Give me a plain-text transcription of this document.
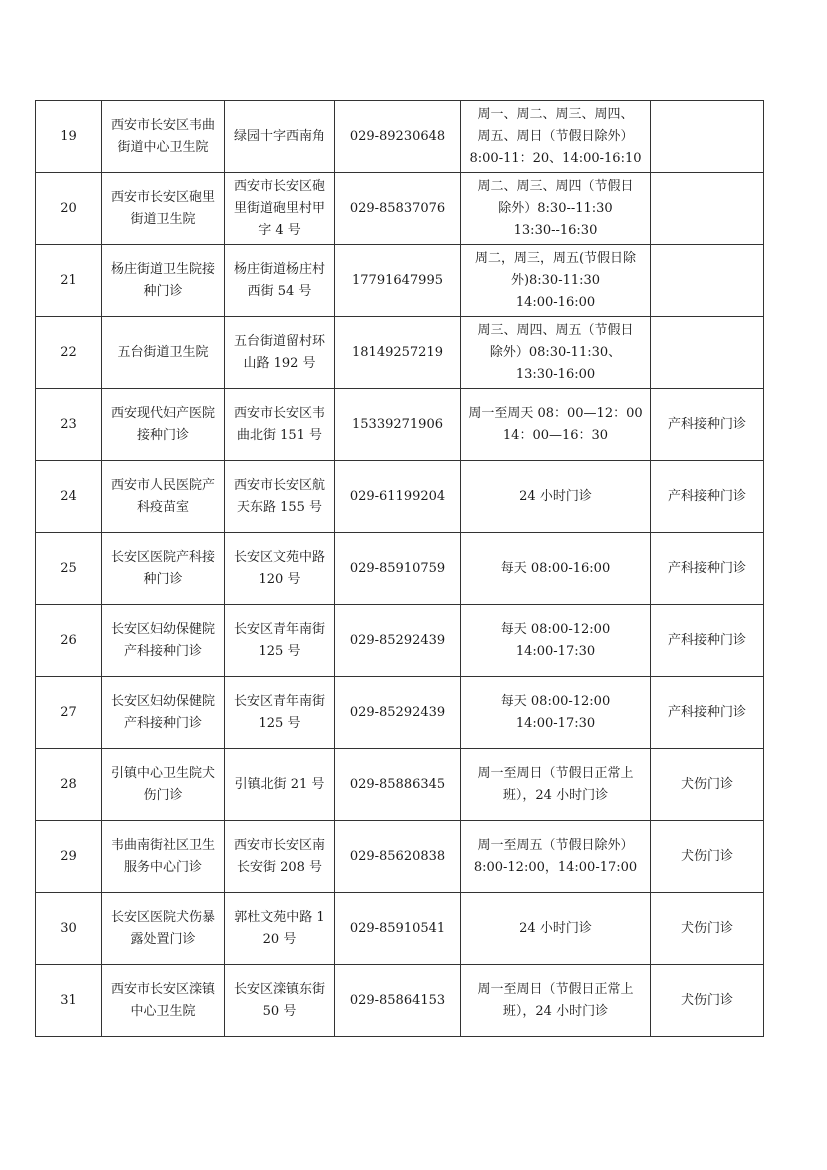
19	西安市长安区韦曲街道中心卫生院	绿园十字西南角	029-89230648	周一、周二、周三、周四、
周五、周日（节假日除外）
8:00-11：20、14:00-16:10	
20	西安市长安区砲里街道卫生院	西安市长安区砲里街道砲里村甲字 4 号	029-85837076	周二、周三、周四（节假日
除外）8:30--11:30
13:30--16:30	
21	杨庄街道卫生院接种门诊	杨庄街道杨庄村西街 54 号	17791647995	周二，周三，周五(节假日除
外)8:30-11:30
14:00-16:00	
22	五台街道卫生院	五台街道留村环山路 192 号	18149257219	周三、周四、周五（节假日
除外）08:30-11:30、
13:30-16:00	
23	西安现代妇产医院接种门诊	西安市长安区韦曲北街 151 号	15339271906	周一至周天 08：00—12：00
14：00—16：30	产科接种门诊
24	西安市人民医院产科疫苗室	西安市长安区航天东路 155 号	029-61199204	24 小时门诊	产科接种门诊
25	长安区医院产科接种门诊	长安区文苑中路 120 号	029-85910759	每天 08:00-16:00	产科接种门诊
26	长安区妇幼保健院产科接种门诊	长安区青年南街 125 号	029-85292439	每天 08:00-12:00
14:00-17:30	产科接种门诊
27	长安区妇幼保健院产科接种门诊	长安区青年南街 125 号	029-85292439	每天 08:00-12:00
14:00-17:30	产科接种门诊
28	引镇中心卫生院犬伤门诊	引镇北街 21 号	029-85886345	周一至周日（节假日正常上
班），24 小时门诊	犬伤门诊
29	韦曲南街社区卫生服务中心门诊	西安市长安区南长安街 208 号	029-85620838	周一至周五（节假日除外）
8:00-12:00，14:00-17:00	犬伤门诊
30	长安区医院犬伤暴露处置门诊	郭杜文苑中路 120 号	029-85910541	24 小时门诊	犬伤门诊
31	西安市长安区滦镇中心卫生院	长安区滦镇东街 50 号	029-85864153	周一至周日（节假日正常上
班），24 小时门诊	犬伤门诊
